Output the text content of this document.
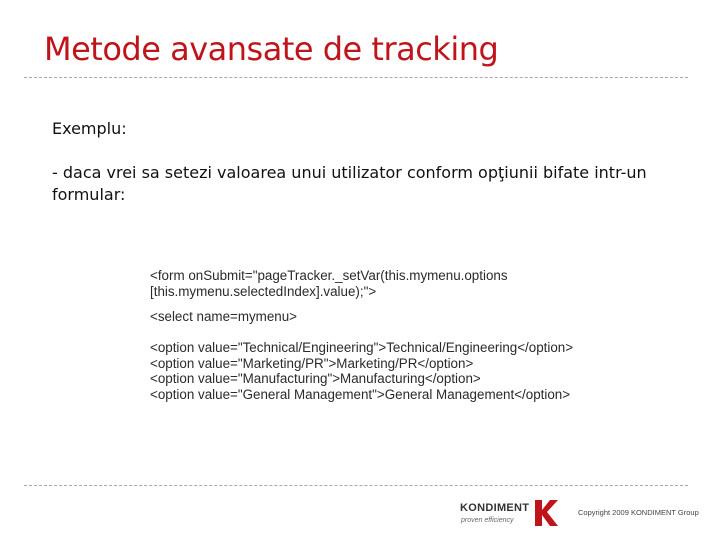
Metode avansate de tracking

Exemplu:

- daca vrei sa setezi valoarea unui utilizator conform opţiunii bifate intr-un formular:

<form onSubmit="pageTracker._setVar(this.mymenu.options
[this.mymenu.selectedIndex].value);">
<select name=mymenu>
<option value="Technical/Engineering">Technical/Engineering</option>
<option value="Marketing/PR">Marketing/PR</option>
<option value="Manufacturing">Manufacturing</option>
<option value="General Management">General Management</option>
KONDIMENT
proven efficiency
Copyright 2009 KONDIMENT Group
